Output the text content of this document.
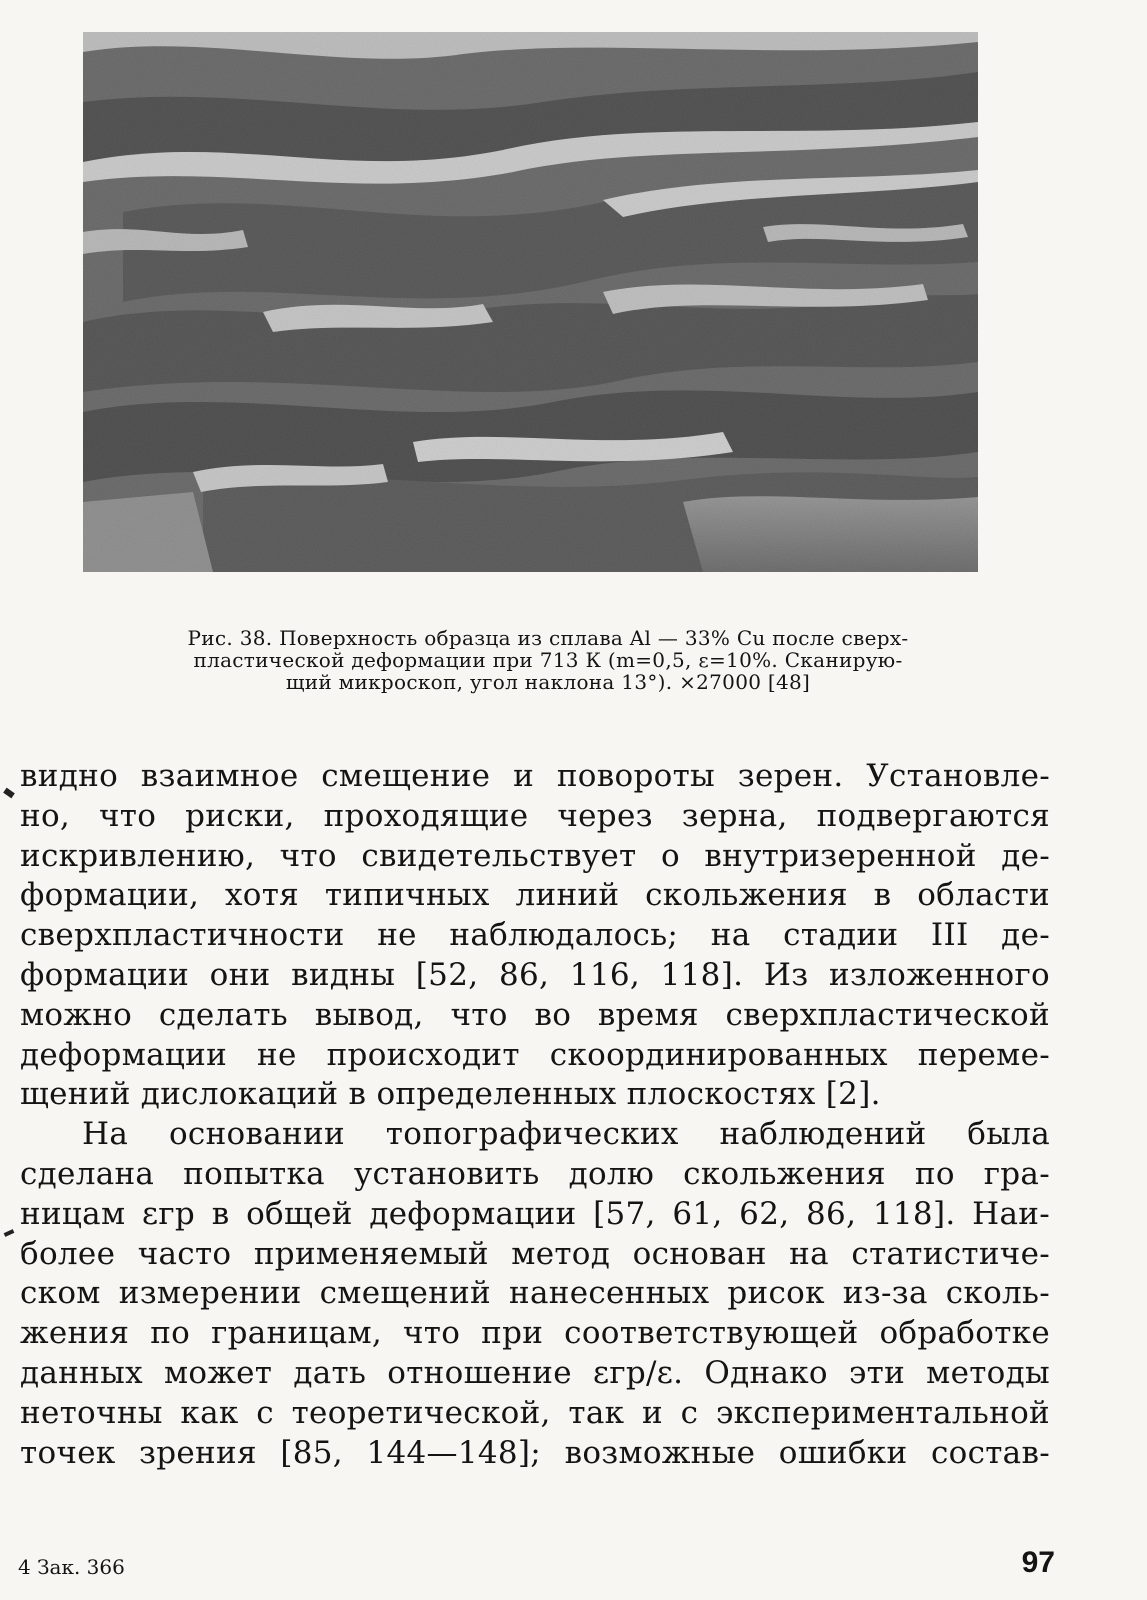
Рис. 38. Поверхность образца из сплава Al — 33% Cu после сверх-
пластической деформации при 713 К (m=0,5, ε=10%. Сканирую-
щий микроскоп, угол наклона 13°). ×27000 [48]

видно взаимное смещение и повороты зерен. Установле-
но, что риски, проходящие через зерна, подвергаются
искривлению, что свидетельствует о внутризеренной де-
формации, хотя типичных линий скольжения в области
сверхпластичности не наблюдалось; на стадии III де-
формации они видны [52, 86, 116, 118]. Из изложенного
можно сделать вывод, что во время сверхпластической
деформации не происходит скоординированных переме-
щений дислокаций в определенных плоскостях [2].

На основании топографических наблюдений была
сделана попытка установить долю скольжения по гра-
ницам εгр в общей деформации [57, 61, 62, 86, 118]. Наи-
более часто применяемый метод основан на статистиче-
ском измерении смещений нанесенных рисок из-за сколь-
жения по границам, что при соответствующей обработке
данных может дать отношение εгр/ε. Однако эти методы
неточны как с теоретической, так и с экспериментальной
точек зрения [85, 144—148]; возможные ошибки состав-

4 Зак. 366	97
